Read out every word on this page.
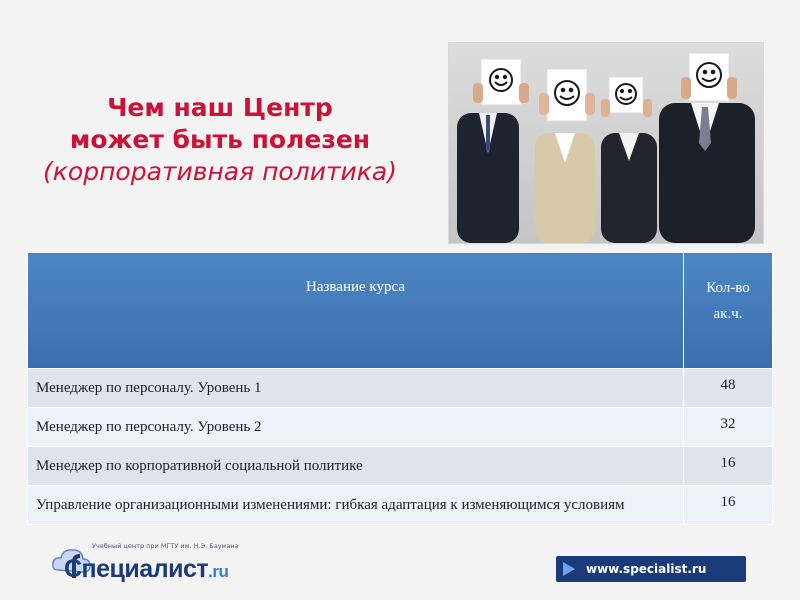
Чем наш Центр
может быть полезен
(корпоративная политика)
Название курса	Кол-во
ак.ч.
Менеджер по персоналу. Уровень 1	48
Менеджер по персоналу. Уровень 2	32
Менеджер по корпоративной социальной политике	16
Управление организационными изменениями: гибкая адаптация к изменяющимся условиям	16
Учебный центр при МГТУ им. Н.Э. Баумана
Специалист.ru	www.specialist.ru
